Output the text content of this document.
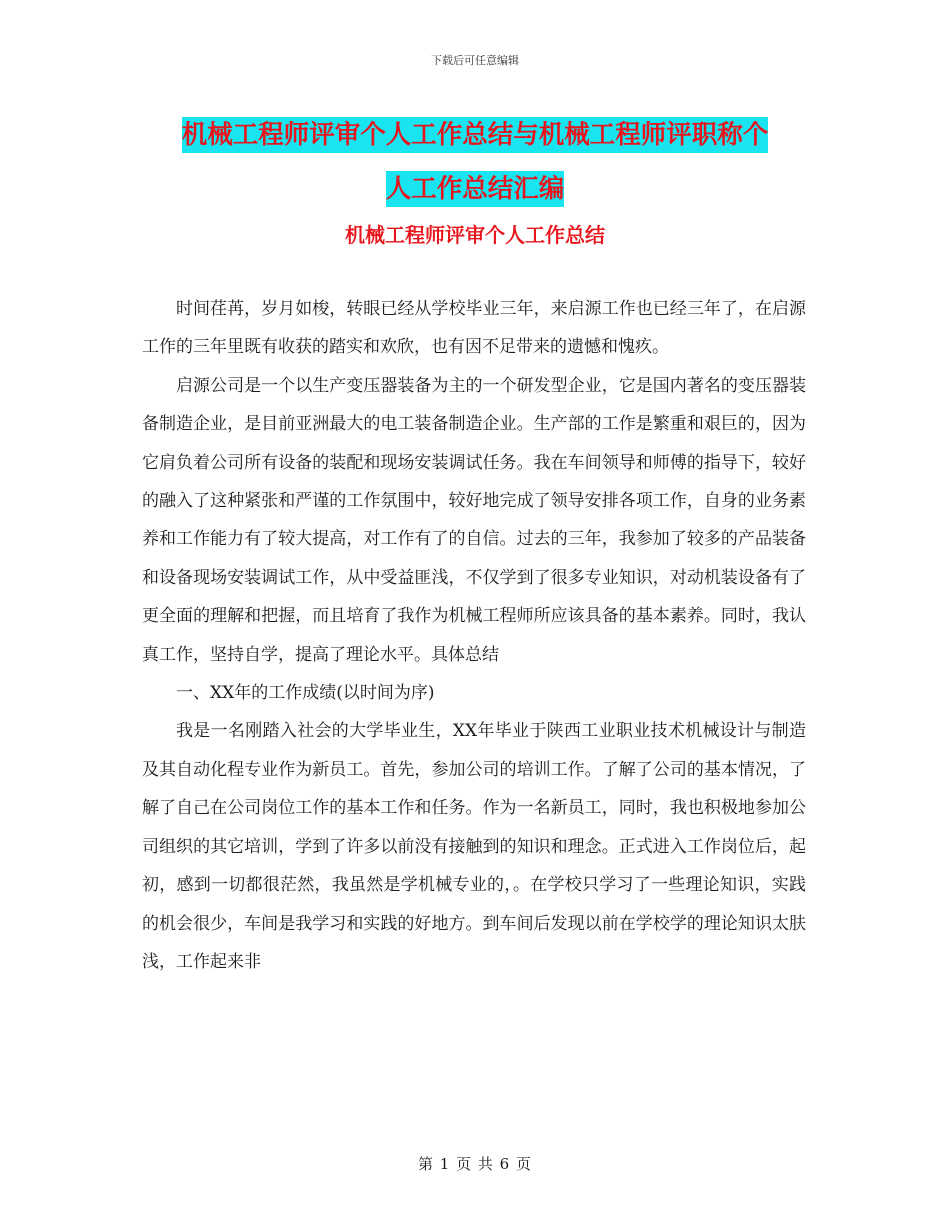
下载后可任意编辑
机械工程师评审个人工作总结与机械工程师评职称个
人工作总结汇编
机械工程师评审个人工作总结

时间荏苒，岁月如梭，转眼已经从学校毕业三年，来启源工作也已经三年了，在启源工作的三年里既有收获的踏实和欢欣，也有因不足带来的遗憾和愧疚。

启源公司是一个以生产变压器装备为主的一个研发型企业，它是国内著名的变压器装备制造企业，是目前亚洲最大的电工装备制造企业。生产部的工作是繁重和艰巨的，因为它肩负着公司所有设备的装配和现场安装调试任务。我在车间领导和师傅的指导下，较好的融入了这种紧张和严谨的工作氛围中，较好地完成了领导安排各项工作，自身的业务素养和工作能力有了较大提高，对工作有了的自信。过去的三年，我参加了较多的产品装备和设备现场安装调试工作，从中受益匪浅，不仅学到了很多专业知识，对动机装设备有了更全面的理解和把握，而且培育了我作为机械工程师所应该具备的基本素养。同时，我认真工作，坚持自学，提高了理论水平。具体总结

一、XX年的工作成绩(以时间为序)

我是一名刚踏入社会的大学毕业生，XX年毕业于陕西工业职业技术机械设计与制造及其自动化程专业作为新员工。首先，参加公司的培训工作。了解了公司的基本情况，了解了自己在公司岗位工作的基本工作和任务。作为一名新员工，同时，我也积极地参加公司组织的其它培训，学到了许多以前没有接触到的知识和理念。正式进入工作岗位后，起初，感到一切都很茫然，我虽然是学机械专业的，。在学校只学习了一些理论知识，实践的机会很少，车间是我学习和实践的好地方。到车间后发现以前在学校学的理论知识太肤浅，工作起来非

第 1 页 共 6 页
